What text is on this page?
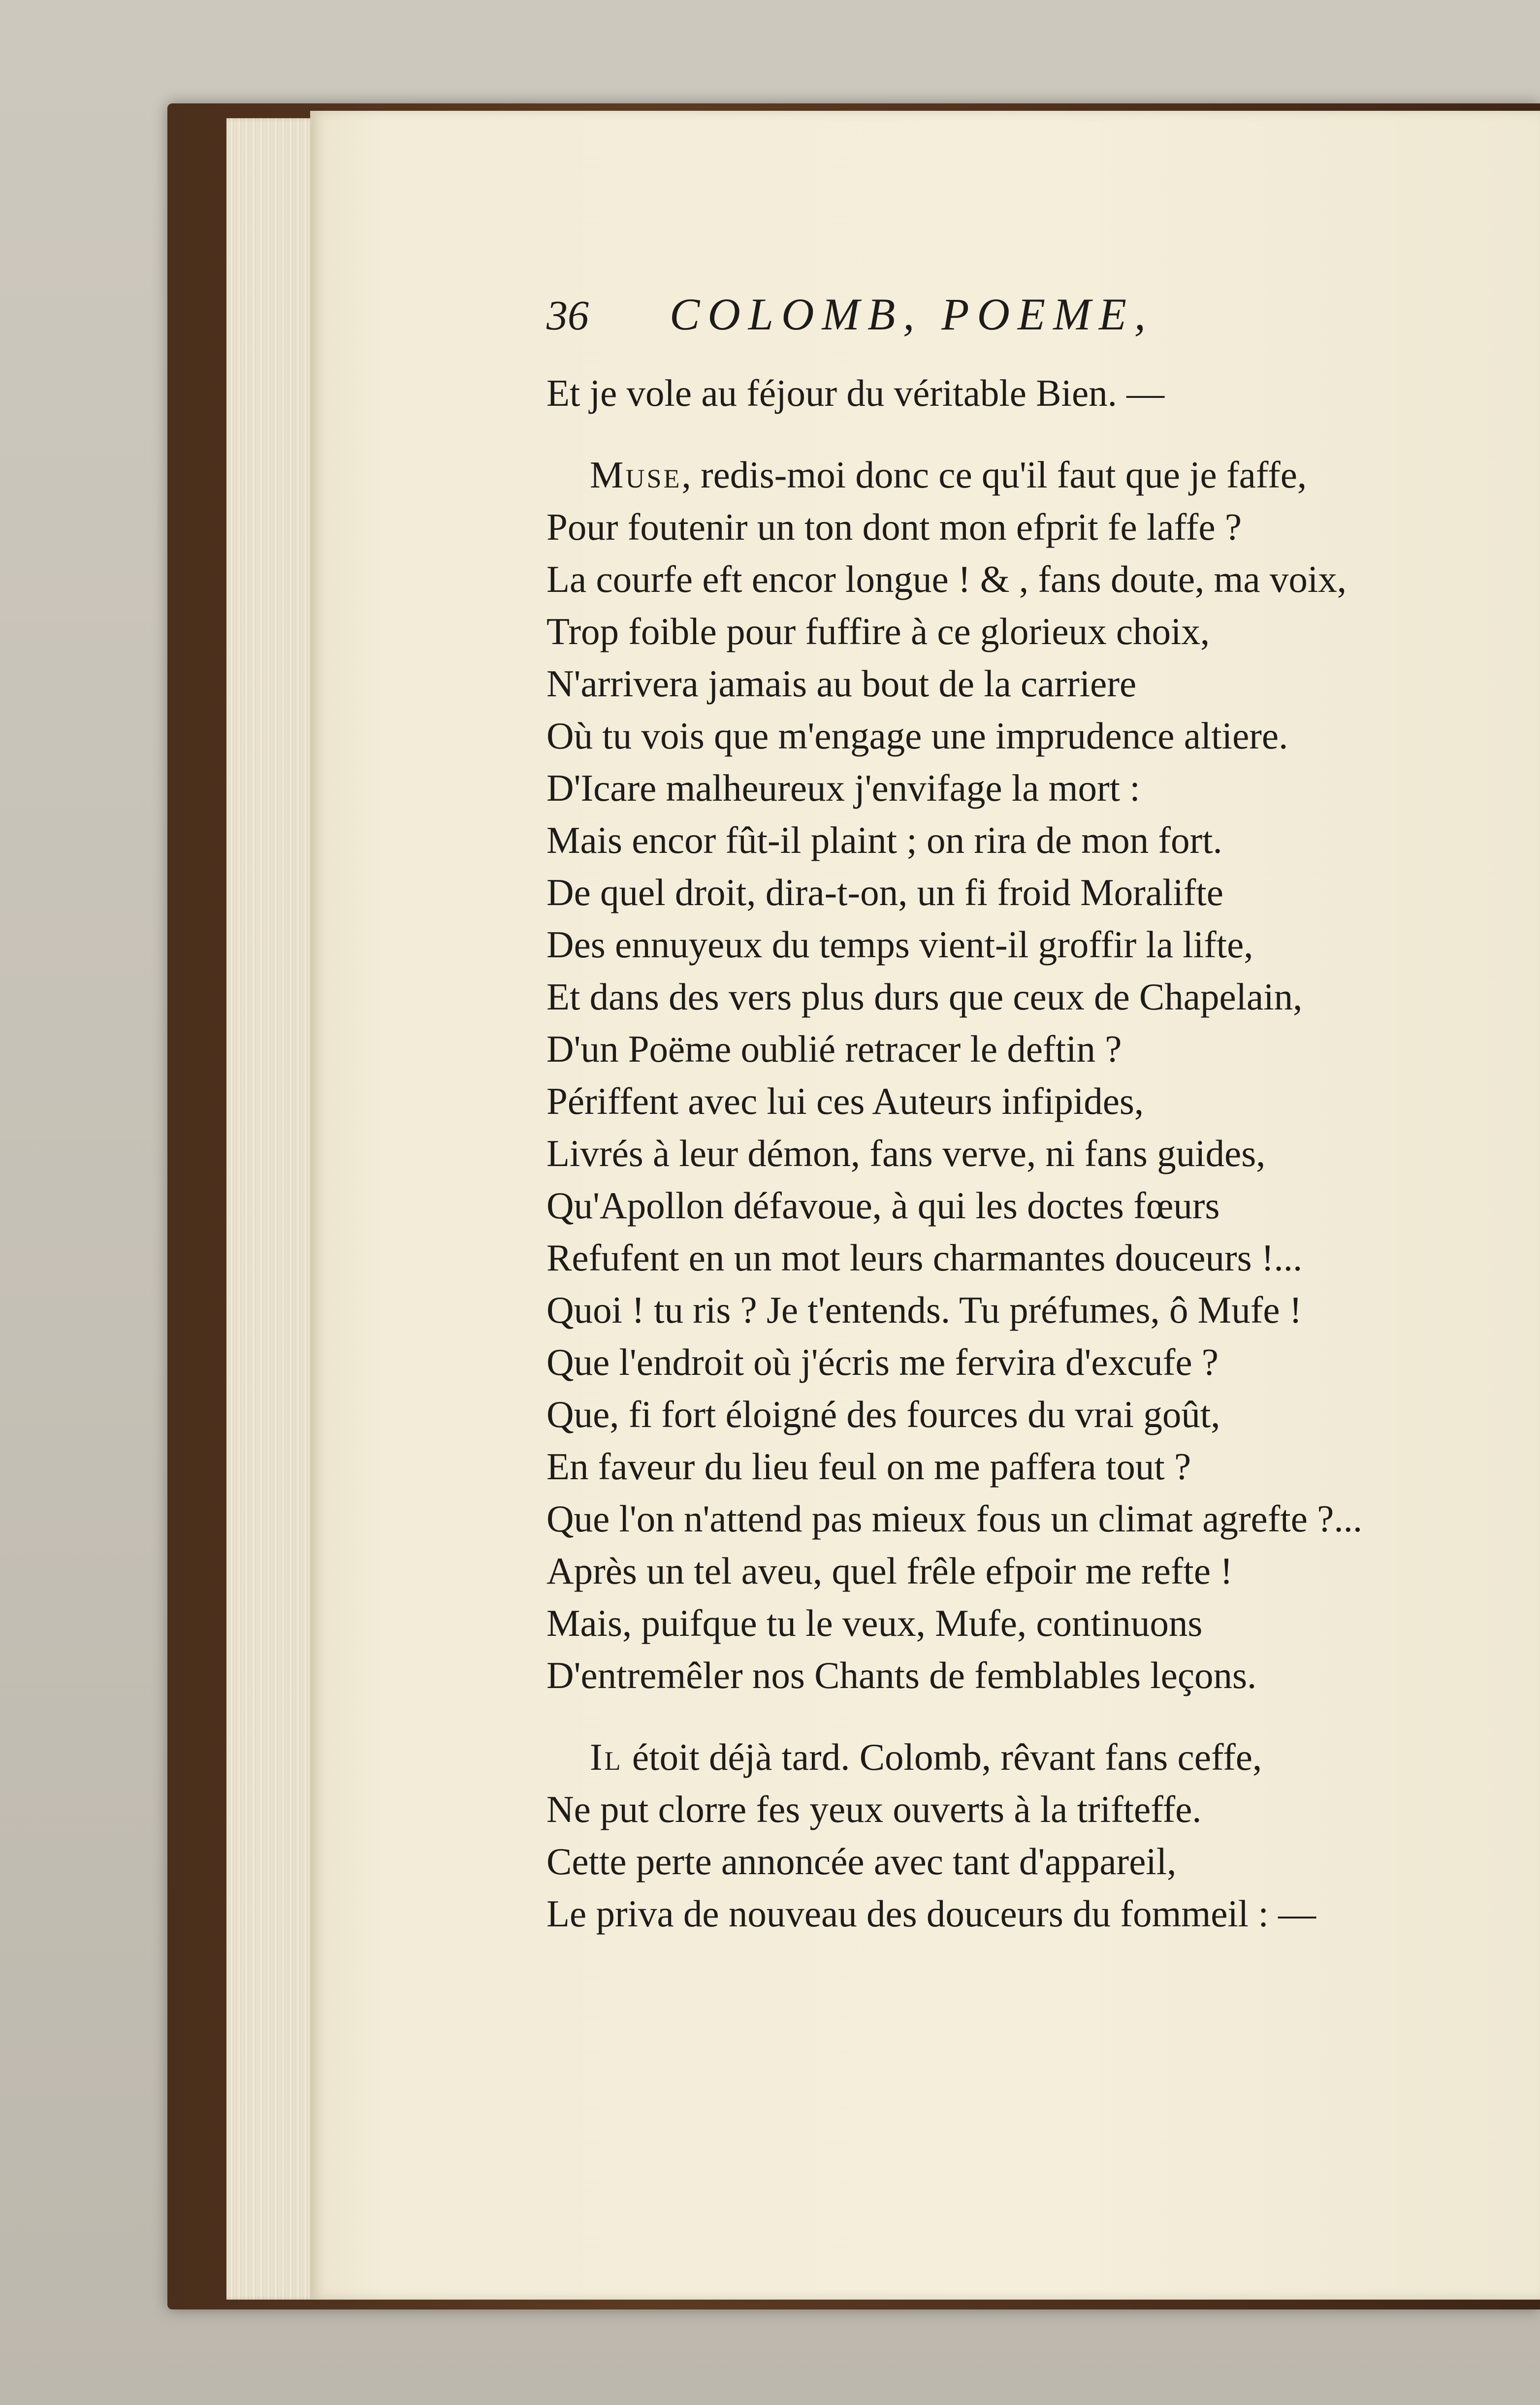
36	COLOMB, POEME,
Et je vole au féjour du véritable Bien. —
Muse, redis-moi donc ce qu'il faut que je faffe,
Pour foutenir un ton dont mon efprit fe laffe ?
La courfe eft encor longue ! & , fans doute, ma voix,
Trop foible pour fuffire à ce glorieux choix,
N'arrivera jamais au bout de la carriere
Où tu vois que m'engage une imprudence altiere.
D'Icare malheureux j'envifage la mort :
Mais encor fût-il plaint ; on rira de mon fort.
De quel droit, dira-t-on, un fi froid Moralifte
Des ennuyeux du temps vient-il groffir la lifte,
Et dans des vers plus durs que ceux de Chapelain,
D'un Poëme oublié retracer le deftin ?
Périffent avec lui ces Auteurs infipides,
Livrés à leur démon, fans verve, ni fans guides,
Qu'Apollon défavoue, à qui les doctes fœurs
Refufent en un mot leurs charmantes douceurs !...
Quoi ! tu ris ? Je t'entends. Tu préfumes, ô Mufe !
Que l'endroit où j'écris me fervira d'excufe ?
Que, fi fort éloigné des fources du vrai goût,
En faveur du lieu feul on me paffera tout ?
Que l'on n'attend pas mieux fous un climat agrefte ?...
Après un tel aveu, quel frêle efpoir me refte !
Mais, puifque tu le veux, Mufe, continuons
D'entremêler nos Chants de femblables leçons.
Il étoit déjà tard. Colomb, rêvant fans ceffe,
Ne put clorre fes yeux ouverts à la trifteffe.
Cette perte annoncée avec tant d'appareil,
Le priva de nouveau des douceurs du fommeil : —
